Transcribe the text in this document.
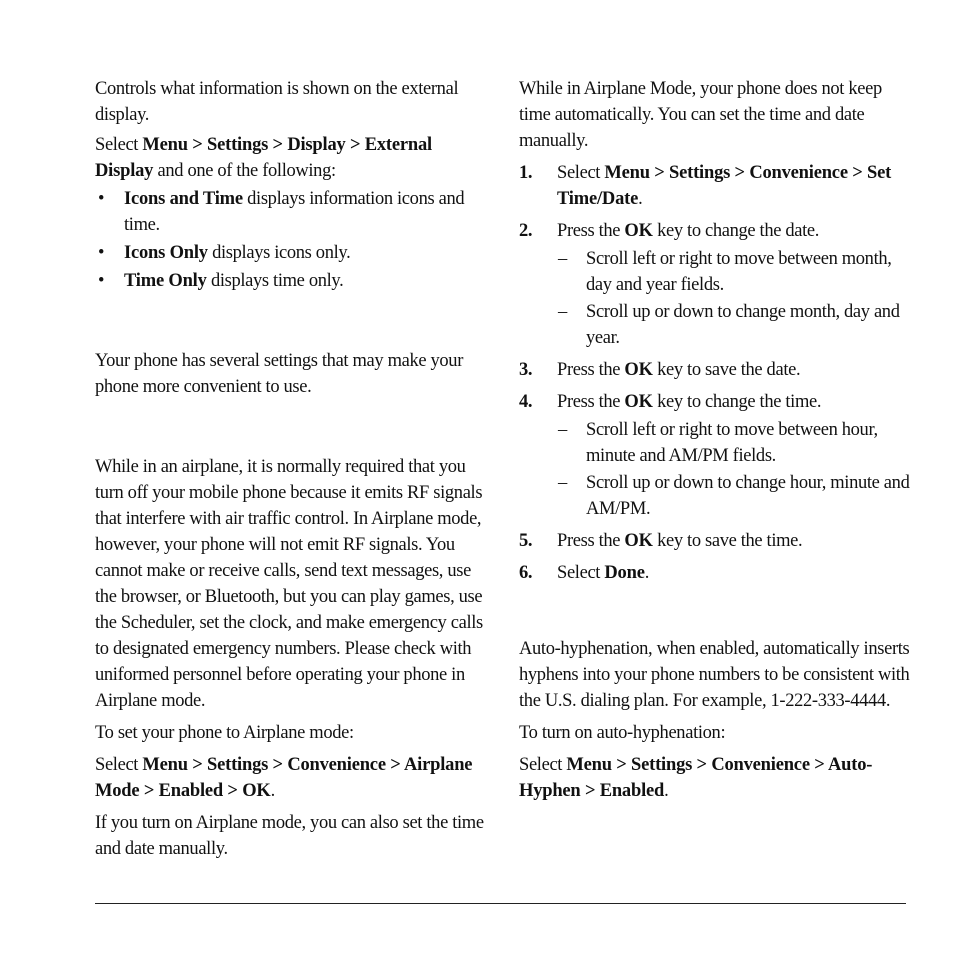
Controls what information is shown on the external display.

Select Menu > Settings > Display > External Display and one of the following:

• Icons and Time displays information icons and time.
• Icons Only displays icons only.
• Time Only displays time only.

Your phone has several settings that may make your phone more convenient to use.

While in an airplane, it is normally required that you turn off your mobile phone because it emits RF signals that interfere with air traffic control. In Airplane mode, however, your phone will not emit RF signals. You cannot make or receive calls, send text messages, use the browser, or Bluetooth, but you can play games, use the Scheduler, set the clock, and make emergency calls to designated emergency numbers. Please check with uniformed personnel before operating your phone in Airplane mode.

To set your phone to Airplane mode:

Select Menu > Settings > Convenience > Airplane Mode > Enabled > OK.

If you turn on Airplane mode, you can also set the time and date manually.

While in Airplane Mode, your phone does not keep time automatically. You can set the time and date manually.

1. Select Menu > Settings > Convenience > Set Time/Date.
2. Press the OK key to change the date.
– Scroll left or right to move between month, day and year fields.
– Scroll up or down to change month, day and year.
3. Press the OK key to save the date.
4. Press the OK key to change the time.
– Scroll left or right to move between hour, minute and AM/PM fields.
– Scroll up or down to change hour, minute and AM/PM.
5. Press the OK key to save the time.
6. Select Done.

Auto-hyphenation, when enabled, automatically inserts hyphens into your phone numbers to be consistent with the U.S. dialing plan. For example, 1-222-333-4444.

To turn on auto-hyphenation:

Select Menu > Settings > Convenience > Auto-Hyphen > Enabled.
